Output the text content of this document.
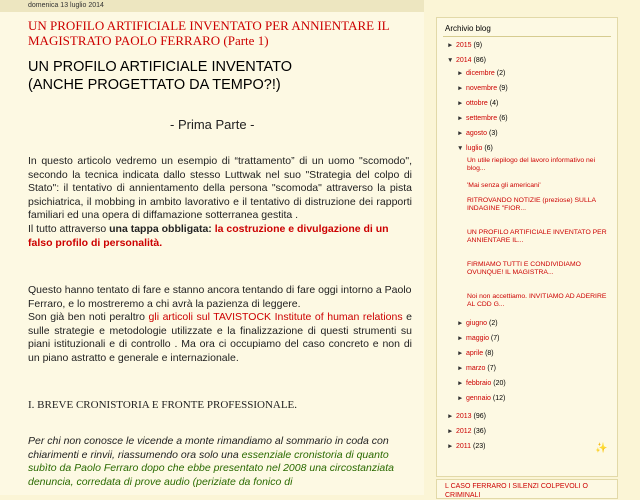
domenica 13 luglio 2014
UN PROFILO ARTIFICIALE INVENTATO PER ANNIENTARE IL
MAGISTRATO PAOLO FERRARO (Parte 1)
UN PROFILO ARTIFICIALE INVENTATO
(ANCHE PROGETTATO DA TEMPO?!)
- Prima Parte -

In questo articolo vedremo un esempio di “trattamento” di un uomo "scomodo", secondo la tecnica indicata dallo stesso Luttwak nel suo "Strategia del colpo di Stato": il tentativo di annientamento della persona "scomoda" attraverso la pista psichiatrica, il mobbing in ambito lavorativo e il tentativo di distruzione dei rapporti familiari ed una opera di diffamazione sotterranea gestita .

Il tutto attraverso una tappa obbligata: la costruzione e divulgazione di un falso profilo di personalità.

Questo hanno tentato di fare e stanno ancora tentando di fare oggi intorno a Paolo Ferraro, e lo mostreremo a chi avrà la pazienza di leggere.

Son già ben noti peraltro gli articoli sul TAVISTOCK Institute of human relations e sulle strategie e metodologie utilizzate e la finalizzazione di questi strumenti su piani istituzionali e di controllo . Ma ora ci occupiamo del caso concreto e non di un piano astratto e generale e internazionale.

I. BREVE CRONISTORIA E FRONTE PROFESSIONALE.

Per chi non conosce le vicende a monte rimandiamo al sommario in coda con chiarimenti e rinvii, riassumendo ora solo una essenziale cronistoria di quanto subìto da Paolo Ferraro dopo che ebbe presentato nel 2008 una circostanziata denuncia, corredata di prove audio (periziate da fonico di

Archivio blog
► 2015 (9)
▼ 2014 (86)
► dicembre (2)
► novembre (9)
► ottobre (4)
► settembre (6)
► agosto (3)
▼ luglio (6)
Un utile riepilogo del lavoro informativo nei blog...
'Mai senza gli americani'
RITROVANDO NOTIZIE (preziose) SULLA INDAGINE "FIOR...
UN PROFILO ARTIFICIALE INVENTATO PER ANNIENTARE IL...
FIRMIAMO TUTTI E CONDIVIDIAMO OVUNQUE! IL MAGISTRA...
Noi non accettiamo. INVITIAMO AD ADERIRE AL CDD G...
► giugno (2)
► maggio (7)
► aprile (8)
► marzo (7)
► febbraio (20)
► gennaio (12)
► 2013 (96)
► 2012 (36)
► 2011 (23)	✨
L CASO FERRARO I SILENZI COLPEVOLI O CRIMINALI
